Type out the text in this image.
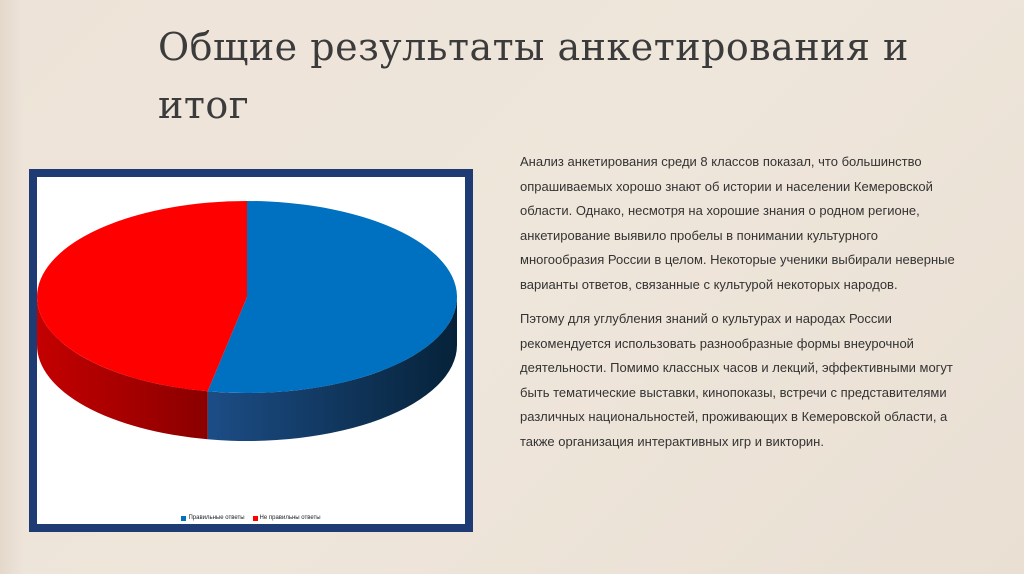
Общие результаты анкетирования и итог
Правильные ответы	Не правильны ответы

Анализ анкетирования среди 8 классов показал, что большинство опрашиваемых хорошо знают об истории и населении Кемеровской области. Однако, несмотря на хорошие знания о родном регионе, анкетирование выявило пробелы в понимании культурного многообразия России в целом. Некоторые ученики выбирали неверные варианты ответов, связанные с культурой некоторых народов.

Пэтому для углубления знаний о культурах и народах России рекомендуется использовать разнообразные формы внеурочной деятельности. Помимо классных часов и лекций, эффективными могут быть тематические выставки, кинопоказы, встречи с представителями различных национальностей, проживающих в Кемеровской области, а также организация интерактивных игр и викторин.
